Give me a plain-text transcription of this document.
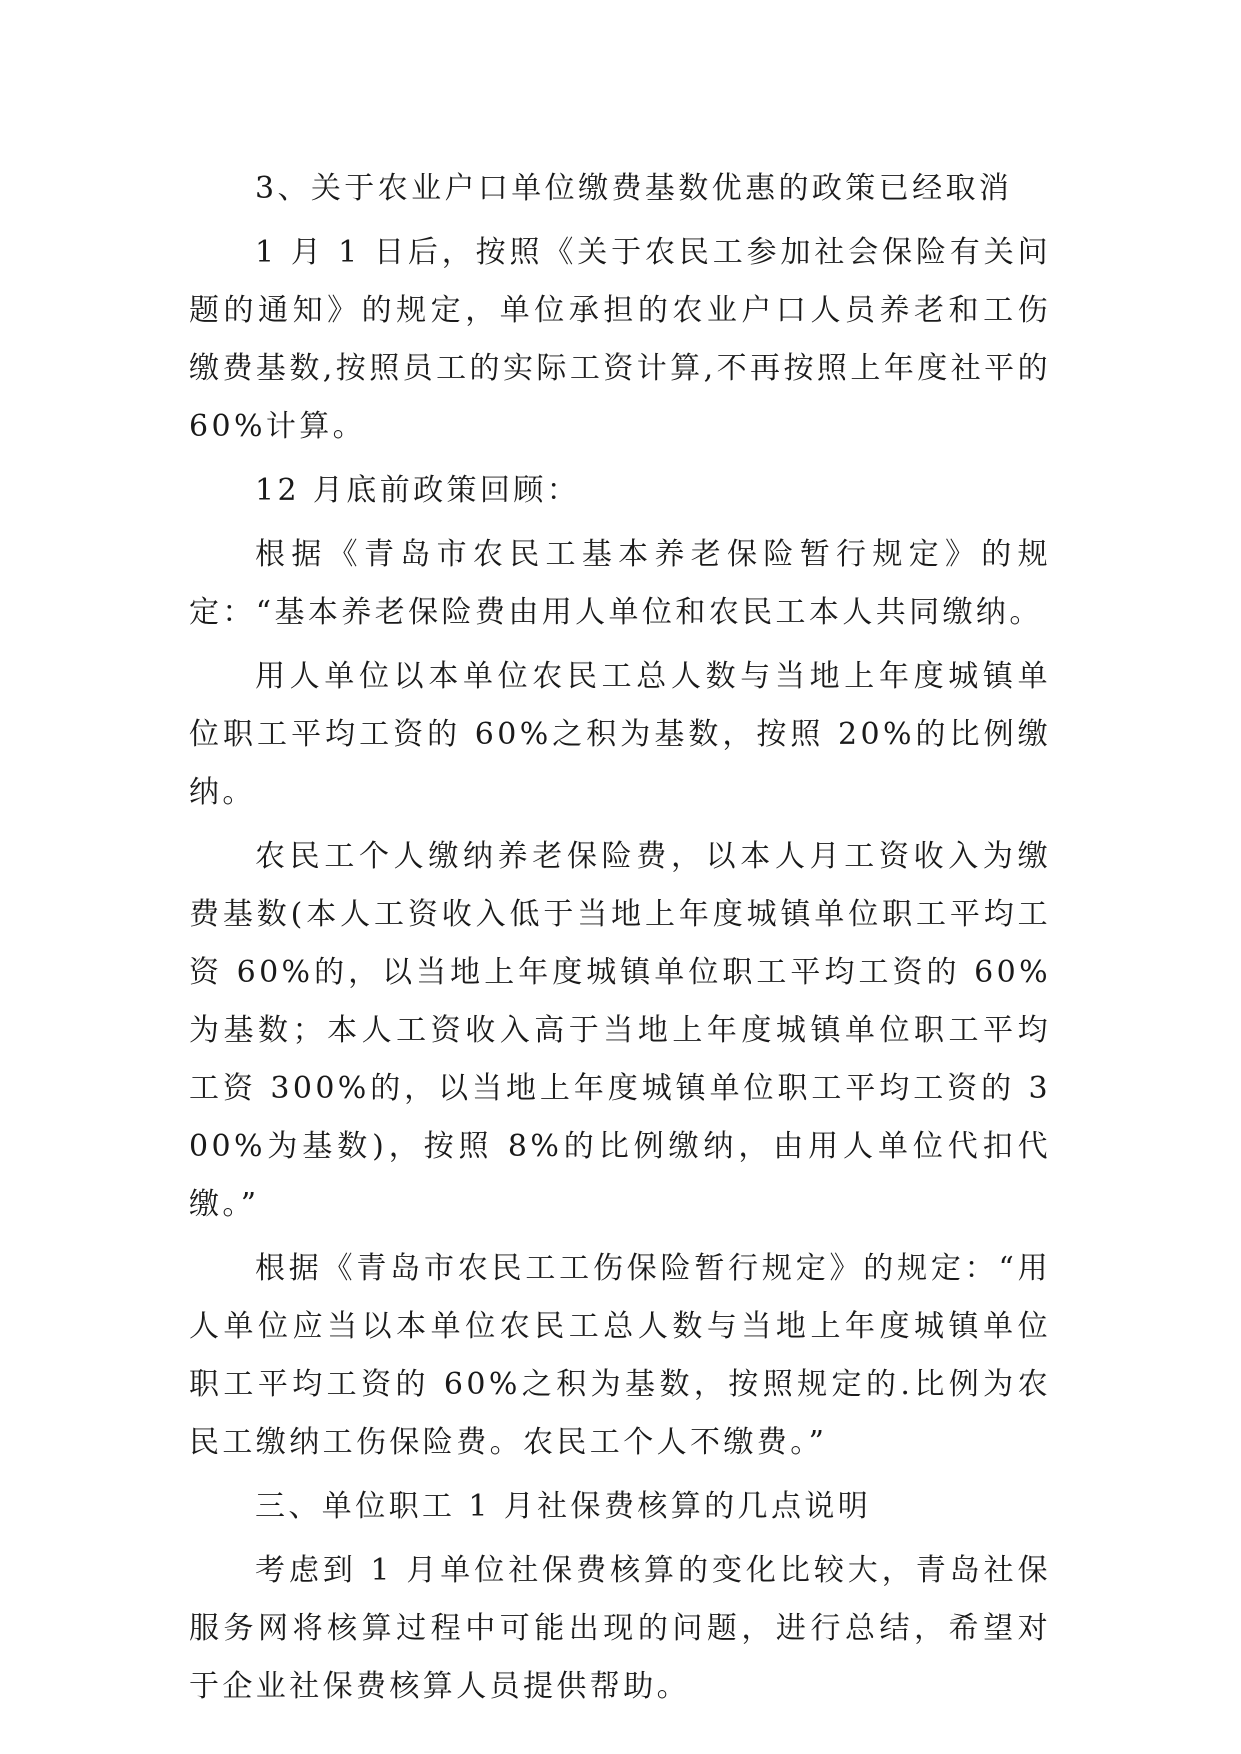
3、关于农业户口单位缴费基数优惠的政策已经取消

1 月 1 日后，按照《关于农民工参加社会保险有关问题的通知》的规定，单位承担的农业户口人员养老和工伤缴费基数,按照员工的实际工资计算,不再按照上年度社平的 60%计算。

12 月底前政策回顾：

根据《青岛市农民工基本养老保险暂行规定》的规定：“基本养老保险费由用人单位和农民工本人共同缴纳。

用人单位以本单位农民工总人数与当地上年度城镇单位职工平均工资的 60%之积为基数，按照 20%的比例缴纳。

农民工个人缴纳养老保险费，以本人月工资收入为缴费基数(本人工资收入低于当地上年度城镇单位职工平均工资 60%的，以当地上年度城镇单位职工平均工资的 60%为基数；本人工资收入高于当地上年度城镇单位职工平均工资 300%的，以当地上年度城镇单位职工平均工资的 300%为基数)，按照 8%的比例缴纳，由用人单位代扣代缴。”

根据《青岛市农民工工伤保险暂行规定》的规定：“用人单位应当以本单位农民工总人数与当地上年度城镇单位职工平均工资的 60%之积为基数，按照规定的.比例为农民工缴纳工伤保险费。农民工个人不缴费。”

三、单位职工 1 月社保费核算的几点说明

考虑到 1 月单位社保费核算的变化比较大，青岛社保服务网将核算过程中可能出现的问题，进行总结，希望对于企业社保费核算人员提供帮助。
